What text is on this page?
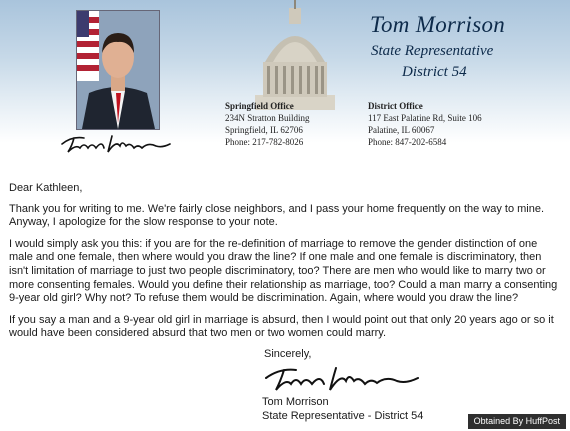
Tom Morrison
State Representative
District 54
Springfield Office
234N Stratton Building
Springfield, IL 62706
Phone: 217-782-8026
District Office
117 East Palatine Rd, Suite 106
Palatine, IL 60067
Phone: 847-202-6584

Dear Kathleen,

Thank you for writing to me. We're fairly close neighbors, and I pass your home frequently on the way to mine. Anyway, I apologize for the slow response to your note.

I would simply ask you this: if you are for the re-definition of marriage to remove the gender distinction of one male and one female, then where would you draw the line? If one male and one female is discriminatory, then isn't limitation of marriage to just two people discriminatory, too? There are men who would like to marry two or more consenting females. Would you define their relationship as marriage, too? Could a man marry a consenting 9-year old girl? Why not? To refuse them would be discrimination. Again, where would you draw the line?

If you say a man and a 9-year old girl in marriage is absurd, then I would point out that only 20 years ago or so it would have been considered absurd that two men or two women could marry.

Sincerely,
Tom Morrison
State Representative - District 54	Obtained By HuffPost
